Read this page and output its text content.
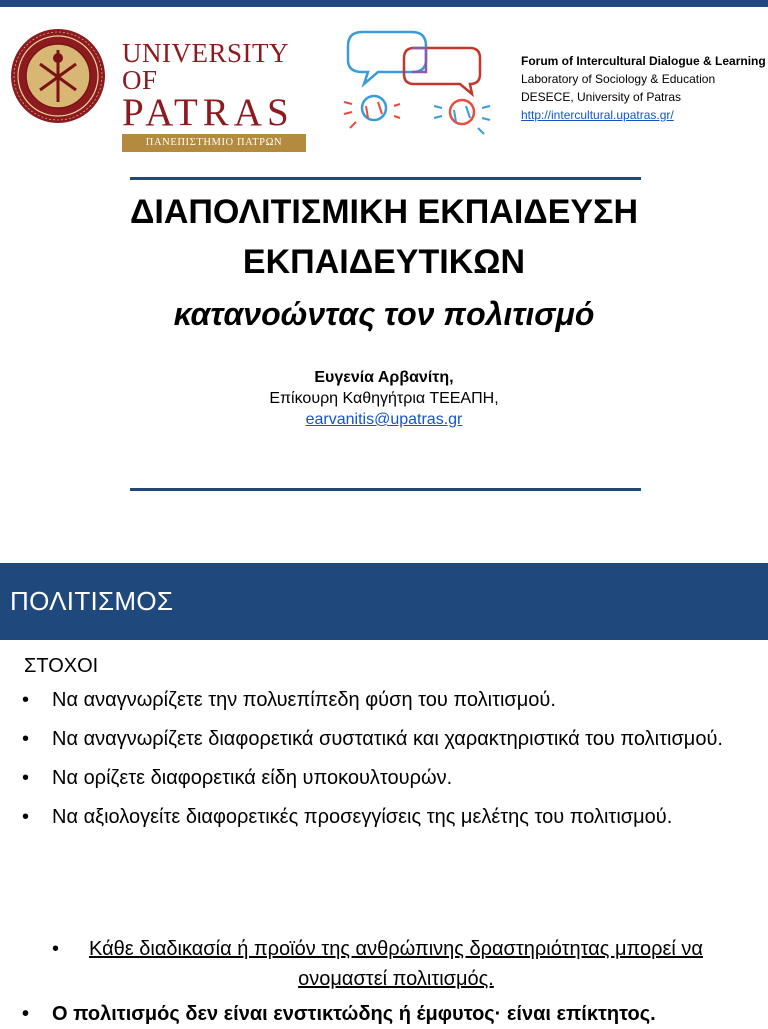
UNIVERSITY OF
PATRAS
ΠΑΝΕΠΙΣΤΗΜΙΟ ΠΑΤΡΩΝ
Forum of Intercultural Dialogue & Learning
Laboratory of Sociology & Education
DESECE, University of Patras
http://intercultural.upatras.gr/
ΔΙΑΠΟΛΙΤΙΣΜΙΚΗ ΕΚΠΑΙΔΕΥΣΗ
ΕΚΠΑΙΔΕΥΤΙΚΩΝ
κατανοώντας τον πολιτισμό
Ευγενία Αρβανίτη,
Επίκουρη Καθηγήτρια ΤΕΕΑΠΗ,
earvanitis@upatras.gr
ΠΟΛΙΤΙΣΜΟΣ
ΣΤΟΧΟΙ
• Να αναγνωρίζετε την πολυεπίπεδη φύση του πολιτισμού.
• Να αναγνωρίζετε διαφορετικά συστατικά και χαρακτηριστικά του πολιτισμού.
• Να ορίζετε διαφορετικά είδη υποκουλτουρών.
• Να αξιολογείτε διαφορετικές προσεγγίσεις της μελέτης του πολιτισμού.
•	Κάθε διαδικασία ή προϊόν της ανθρώπινης δραστηριότητας μπορεί να ονομαστεί πολιτισμός.
• Ο πολιτισμός δεν είναι ενστικτώδης ή έμφυτος· είναι επίκτητος.
